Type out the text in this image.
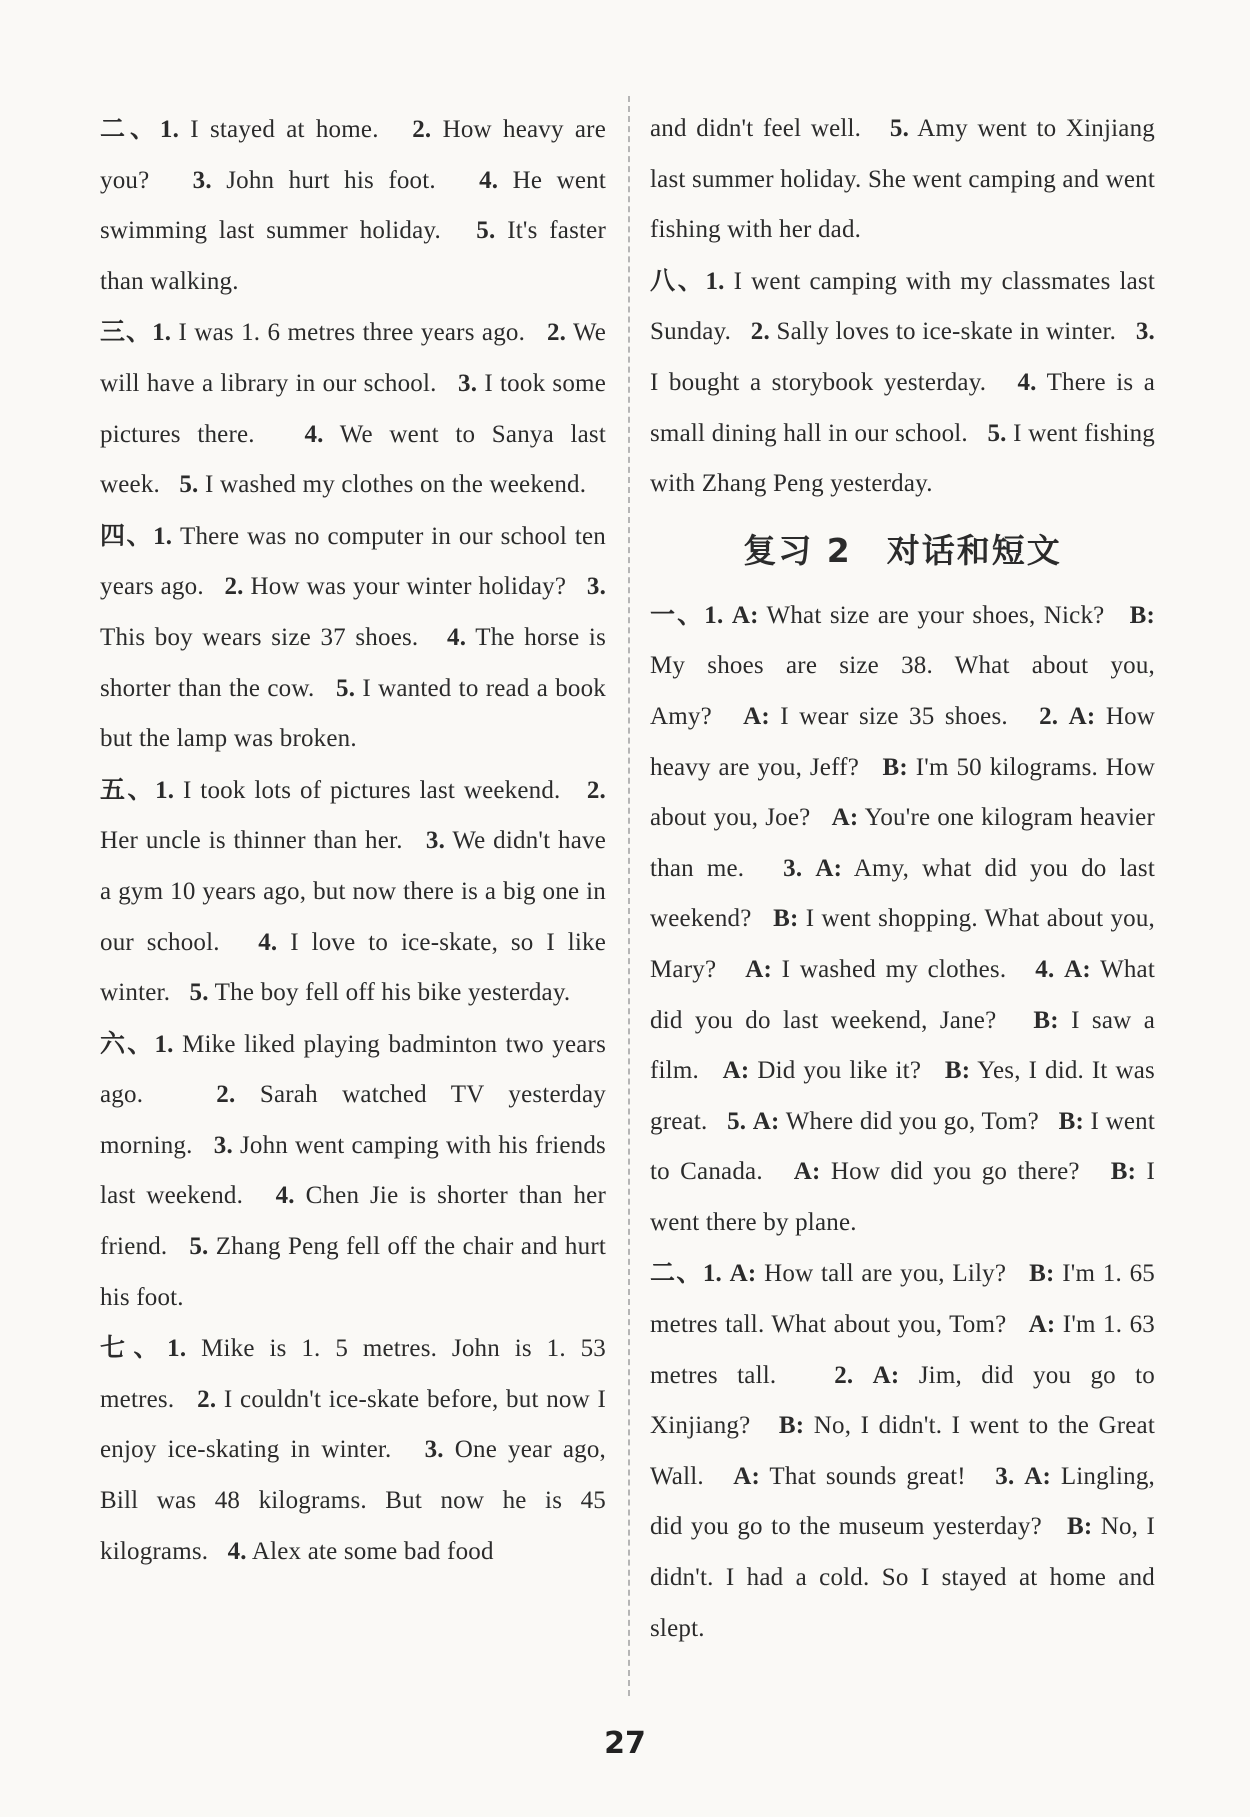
二、1. I stayed at home. 2. How heavy are you? 3. John hurt his foot. 4. He went swimming last summer holiday. 5. It's faster than walking.

三、1. I was 1. 6 metres three years ago. 2. We will have a library in our school. 3. I took some pictures there. 4. We went to Sanya last week. 5. I washed my clothes on the weekend.

四、1. There was no computer in our school ten years ago. 2. How was your winter holiday? 3. This boy wears size 37 shoes. 4. The horse is shorter than the cow. 5. I wanted to read a book but the lamp was broken.

五、1. I took lots of pictures last weekend. 2. Her uncle is thinner than her. 3. We didn't have a gym 10 years ago, but now there is a big one in our school. 4. I love to ice-skate, so I like winter. 5. The boy fell off his bike yesterday.

六、1. Mike liked playing badminton two years ago.	2. Sarah watched TV yesterday morning. 3. John went camping with his friends last weekend. 4. Chen Jie is shorter than her friend. 5. Zhang Peng fell off the chair and hurt his foot.

七、1. Mike is 1. 5 metres. John is 1. 53 metres. 2. I couldn't ice-skate before, but now I enjoy ice-skating in winter. 3. One year ago, Bill was 48 kilograms. But now he is 45 kilograms. 4. Alex ate some bad food

and didn't feel well. 5. Amy went to Xinjiang last summer holiday. She went camping and went fishing with her dad.

八、1. I went camping with my classmates last Sunday. 2. Sally loves to ice-skate in winter. 3. I bought a storybook yesterday. 4. There is a small dining hall in our school. 5. I went fishing with Zhang Peng yesterday.

复习 2　对话和短文

一、1. A: What size are your shoes, Nick? B: My shoes are size 38. What about you, Amy? A: I wear size 35 shoes. 2. A: How heavy are you, Jeff? B: I'm 50 kilograms. How about you, Joe? A: You're one kilogram heavier than me. 3. A: Amy, what did you do last weekend? B: I went shopping. What about you, Mary? A: I washed my clothes. 4. A: What did you do last weekend, Jane? B: I saw a film. A: Did you like it? B: Yes, I did. It was great. 5. A: Where did you go, Tom? B: I went to Canada. A: How did you go there? B: I went there by plane.

二、1. A: How tall are you, Lily? B: I'm 1. 65 metres tall. What about you, Tom? A: I'm 1. 63 metres tall. 2. A: Jim, did you go to Xinjiang? B: No, I didn't. I went to the Great Wall. A: That sounds great! 3. A: Lingling, did you go to the museum yesterday? B: No, I didn't. I had a cold. So I stayed at home and slept.

27
